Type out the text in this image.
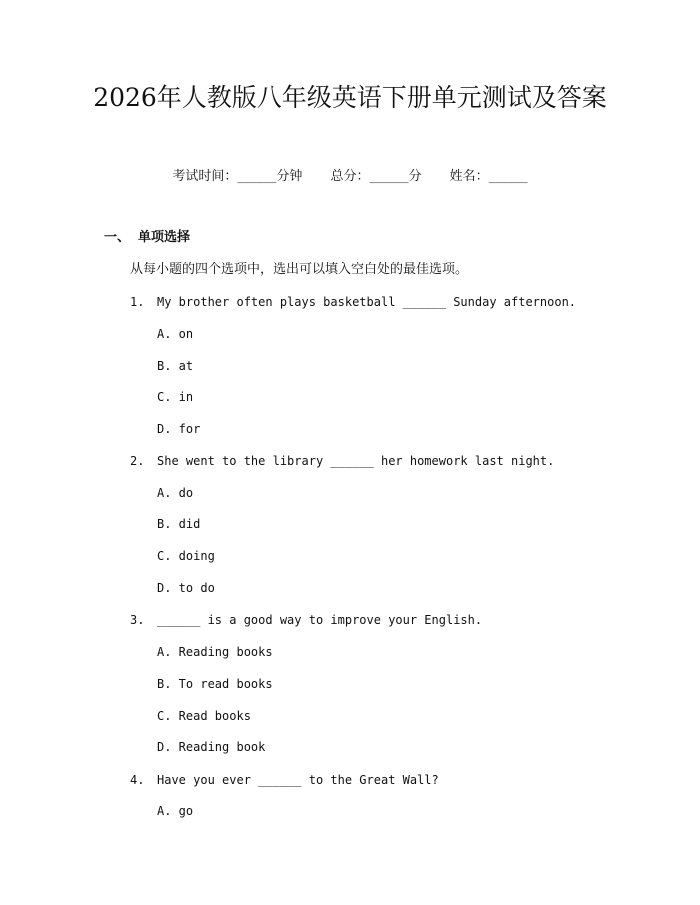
2026年人教版八年级英语下册单元测试及答案
考试时间：______分钟 总分：______分 姓名：______
一、 单项选择
从每小题的四个选项中，选出可以填入空白处的最佳选项。
1. My brother often plays basketball ______ Sunday afternoon.
A. on
B. at
C. in
D. for
2. She went to the library ______ her homework last night.
A. do
B. did
C. doing
D. to do
3. ______ is a good way to improve your English.
A. Reading books
B. To read books
C. Read books
D. Reading book
4. Have you ever ______ to the Great Wall?
A. go
